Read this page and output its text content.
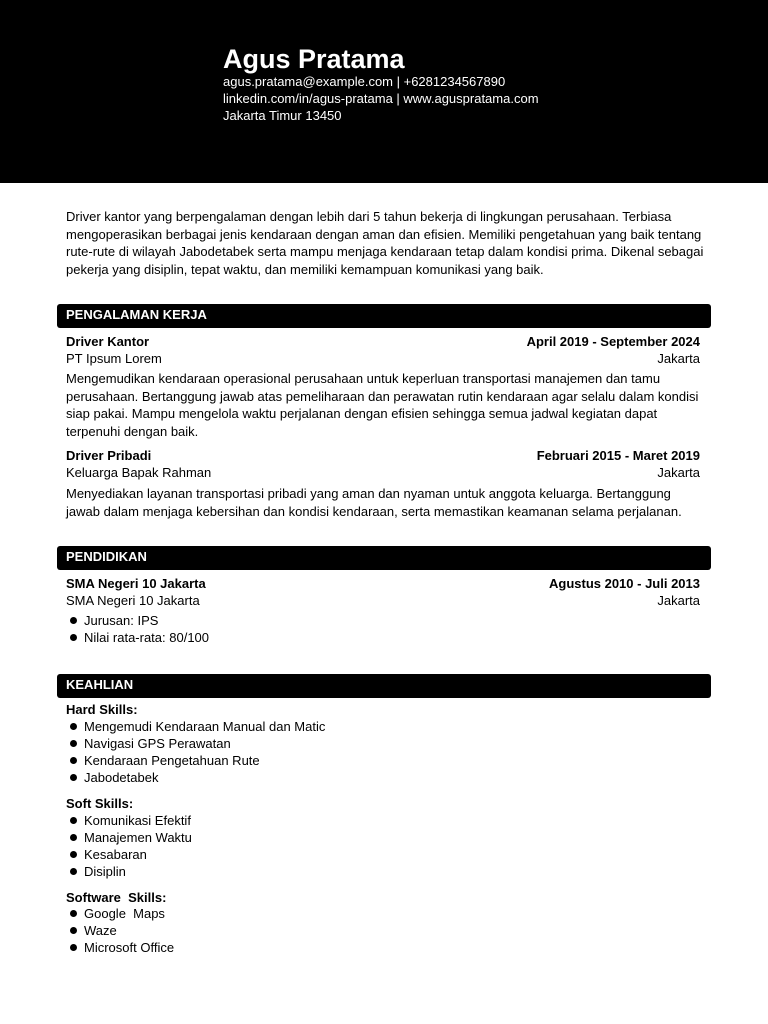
Agus Pratama
agus.pratama@example.com | +6281234567890
linkedin.com/in/agus-pratama | www.aguspratama.com
Jakarta Timur 13450
Driver kantor yang berpengalaman dengan lebih dari 5 tahun bekerja di lingkungan perusahaan. Terbiasa mengoperasikan berbagai jenis kendaraan dengan aman dan efisien. Memiliki pengetahuan yang baik tentang rute-rute di wilayah Jabodetabek serta mampu menjaga kendaraan tetap dalam kondisi prima. Dikenal sebagai pekerja yang disiplin, tepat waktu, dan memiliki kemampuan komunikasi yang baik.
PENGALAMAN KERJA
Driver Kantor	April 2019 - September 2024
PT Ipsum Lorem	Jakarta
Mengemudikan kendaraan operasional perusahaan untuk keperluan transportasi manajemen dan tamu perusahaan. Bertanggung jawab atas pemeliharaan dan perawatan rutin kendaraan agar selalu dalam kondisi siap pakai. Mampu mengelola waktu perjalanan dengan efisien sehingga semua jadwal kegiatan dapat terpenuhi dengan baik.
Driver Pribadi	Februari 2015 - Maret 2019
Keluarga Bapak Rahman	Jakarta
Menyediakan layanan transportasi pribadi yang aman dan nyaman untuk anggota keluarga. Bertanggung jawab dalam menjaga kebersihan dan kondisi kendaraan, serta memastikan keamanan selama perjalanan.
PENDIDIKAN
SMA Negeri 10 Jakarta	Agustus 2010 - Juli 2013
SMA Negeri 10 Jakarta	Jakarta
Jurusan: IPS
Nilai rata-rata: 80/100
KEAHLIAN
Hard Skills:
Mengemudi Kendaraan Manual dan Matic
Navigasi GPS Perawatan
Kendaraan Pengetahuan Rute
Jabodetabek
Soft Skills:
Komunikasi Efektif
Manajemen Waktu
Kesabaran
Disiplin
Software  Skills:
Google  Maps
Waze
Microsoft Office
